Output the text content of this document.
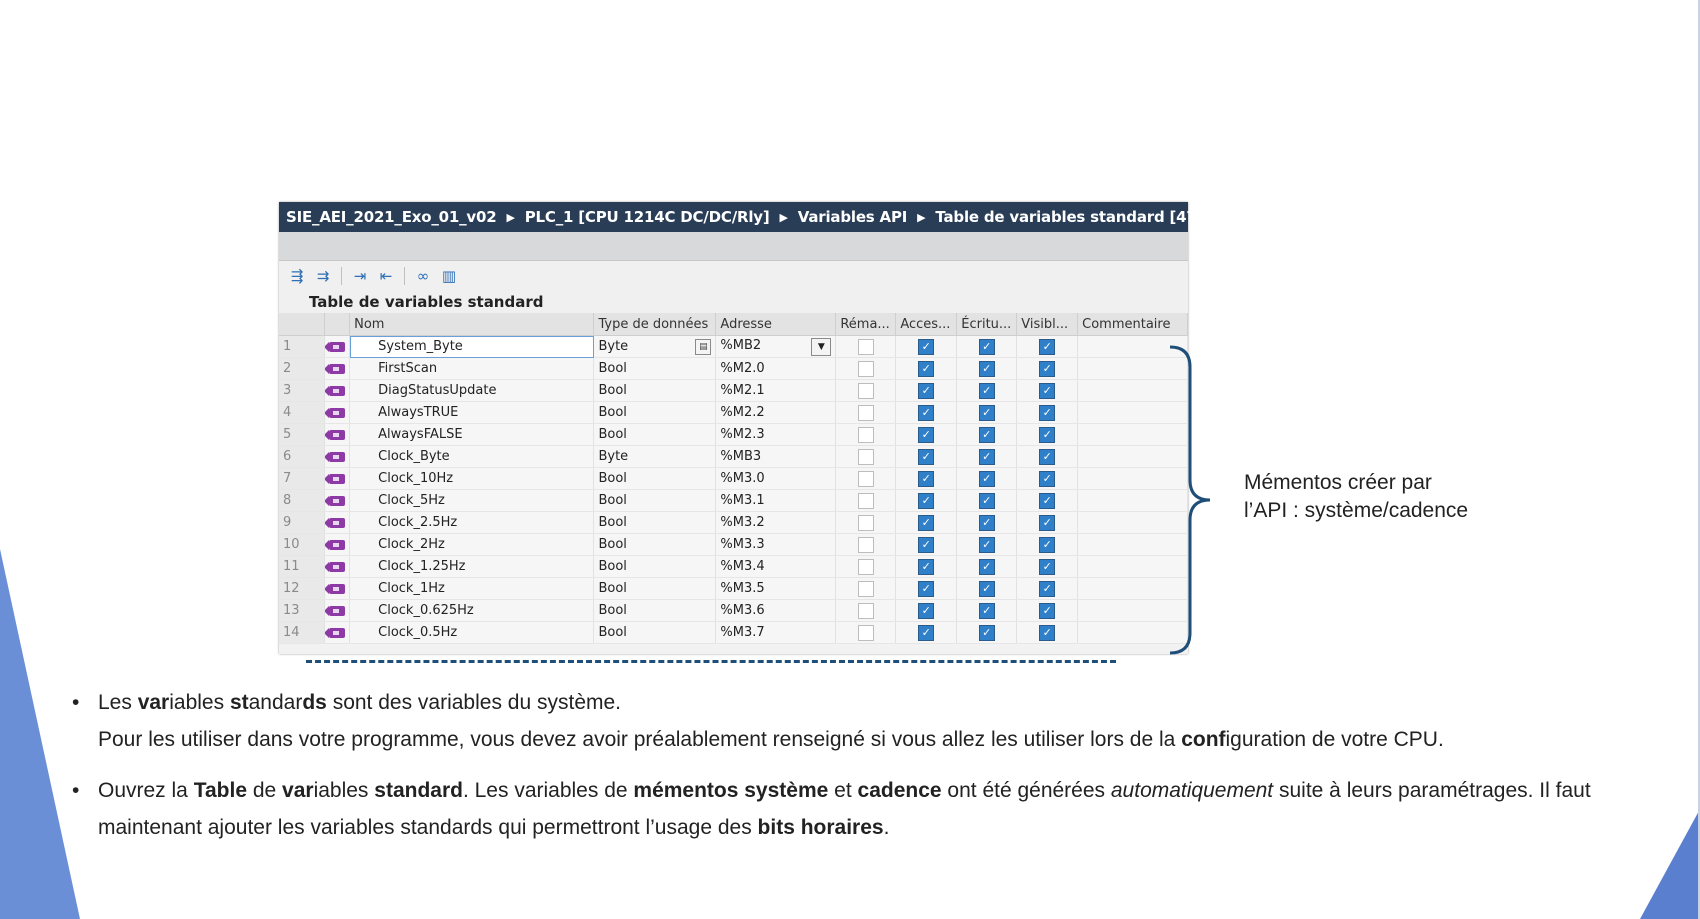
SIE_AEI_2021_Exo_01_v02 ▶ PLC_1 [CPU 1214C DC/DC/Rly] ▶ Variables API ▶ Table de variables standard [47]
⇶ ⇉	⇥ ⇤	∞ ▥
Table de variables standard
		Nom	Type de données	Adresse	Réma...	Acces...	Écritu...	Visibl...	Commentaire
1		System_Byte	▤
Byte	▼
%MB2		✓	✓	✓	
2		FirstScan	Bool	%M2.0		✓	✓	✓	
3		DiagStatusUpdate	Bool	%M2.1		✓	✓	✓	
4		AlwaysTRUE	Bool	%M2.2		✓	✓	✓	
5		AlwaysFALSE	Bool	%M2.3		✓	✓	✓	
6		Clock_Byte	Byte	%MB3		✓	✓	✓	
7		Clock_10Hz	Bool	%M3.0		✓	✓	✓	
8		Clock_5Hz	Bool	%M3.1		✓	✓	✓	
9		Clock_2.5Hz	Bool	%M3.2		✓	✓	✓	
10		Clock_2Hz	Bool	%M3.3		✓	✓	✓	
11		Clock_1.25Hz	Bool	%M3.4		✓	✓	✓	
12		Clock_1Hz	Bool	%M3.5		✓	✓	✓	
13		Clock_0.625Hz	Bool	%M3.6		✓	✓	✓	
14		Clock_0.5Hz	Bool	%M3.7		✓	✓	✓	
Mémentos créer par
l’API : système/cadence
• Les variables standards sont des variables du système.
Pour les utiliser dans votre programme, vous devez avoir préalablement renseigné si vous allez les utiliser lors de la configuration de votre CPU.
• Ouvrez la Table de variables standard. Les variables de mémentos système et cadence ont été générées automatiquement suite à leurs paramétrages. Il faut maintenant ajouter les variables standards qui permettront l’usage des bits horaires.
